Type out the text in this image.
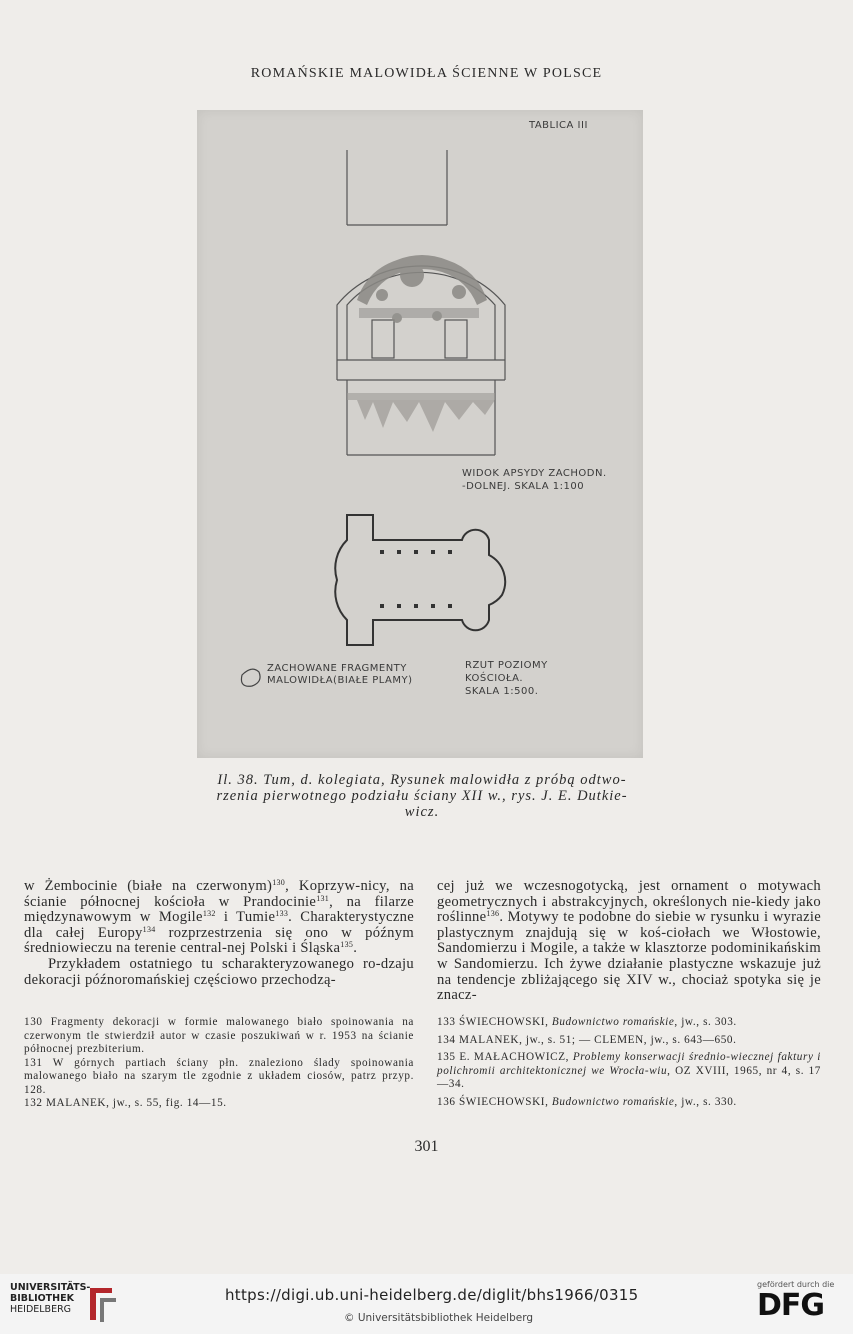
ROMAŃSKIE MALOWIDŁA ŚCIENNE W POLSCE
TABLICA III
WIDOK APSYDY ZACHODN.
-DOLNEJ. SKALA 1:100
ZACHOWANE FRAGMENTY
MALOWIDŁA(BIAŁE PLAMY)
RZUT POZIOMY
KOŚCIOŁA.
SKALA 1:500.
Il. 38. Tum, d. kolegiata, Rysunek malowidła z próbą odtwo-
rzenia pierwotnego podziału ściany XII w., rys. J. E. Dutkie-
wicz.

w Żembocinie (białe na czerwonym)$^{130}$, Koprzyw-nicy, na ścianie północnej kościoła w Prandocinie$^{131}$, na filarze międzynawowym w Mogile$^{132}$ i Tumie$^{133}$. Charakterystyczne dla całej Europy$^{134}$ rozprzestrzenia się ono w późnym średniowieczu na terenie central-nej Polski i Śląska$^{135}$.

Przykładem ostatniego tu scharakteryzowanego ro-dzaju dekoracji późnoromańskiej częściowo przechodzą-

cej już we wczesnogotycką, jest ornament o motywach geometrycznych i abstrakcyjnych, określonych nie-kiedy jako roślinne$^{136}$. Motywy te podobne do siebie w rysunku i wyrazie plastycznym znajdują się w koś-ciołach we Włostowie, Sandomierzu i Mogile, a także w klasztorze podominikańskim w Sandomierzu. Ich żywe działanie plastyczne wskazuje już na tendencje zbliżającego się XIV w., chociaż spotyka się je znacz-

130 Fragmenty dekoracji w formie malowanego biało spoinowania na czerwonym tle stwierdził autor w czasie poszukiwań w r. 1953 na ścianie północnej prezbiterium.

131 W górnych partiach ściany płn. znaleziono ślady spoinowania malowanego biało na szarym tle zgodnie z układem ciosów, patrz przyp. 128.

132 MALANEK, jw., s. 55, fig. 14—15.

133 ŚWIECHOWSKI, Budownictwo romańskie, jw., s. 303.

134 MALANEK, jw., s. 51; — CLEMEN, jw., s. 643—650.

135 E. MAŁACHOWICZ, Problemy konserwacji średnio-wiecznej faktury i polichromii architektonicznej we Wrocła-wiu, OZ XVIII, 1965, nr 4, s. 17—34.

136 ŚWIECHOWSKI, Budownictwo romańskie, jw., s. 330.

301
UNIVERSITÄTS-
BIBLIOTHEK
HEIDELBERG
https://digi.ub.uni-heidelberg.de/diglit/bhs1966/0315
© Universitätsbibliothek Heidelberg
gefördert durch die
DFG
